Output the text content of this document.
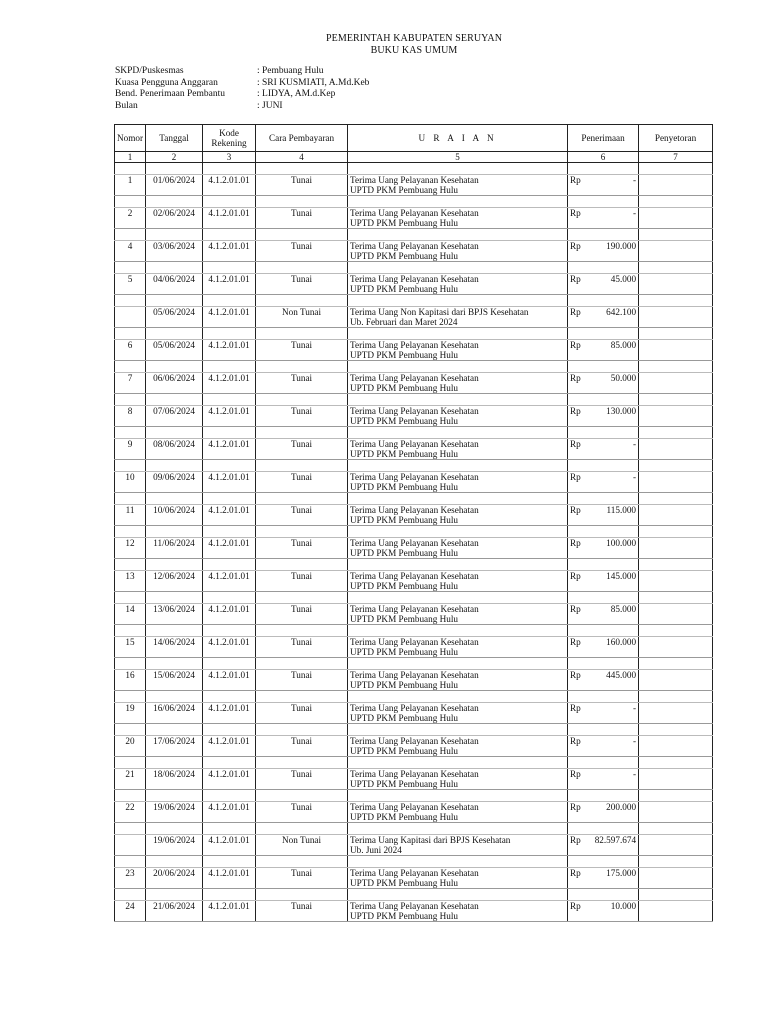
PEMERINTAH KABUPATEN SERUYAN
BUKU KAS UMUM
SKPD/Puskesmas	: Pembuang Hulu
Kuasa Pengguna Anggaran	: SRI KUSMIATI, A.Md.Keb
Bend. Penerimaan Pembantu	: LIDYA, AM.d.Kep
Bulan	: JUNI
Nomor	Tanggal	Kode Rekening	Cara Pembayaran	U R A I A N	Penerimaan	Penyetoran
1	2	3	4	5	6	7

1	01/06/2024	4.1.2.01.01	Tunai	Terima Uang Pelayanan Kesehatan	Rp -	

				UPTD PKM Pembuang Hulu		

2	02/06/2024	4.1.2.01.01	Tunai	Terima Uang Pelayanan Kesehatan	Rp -	

				UPTD PKM Pembuang Hulu		

4	03/06/2024	4.1.2.01.01	Tunai	Terima Uang Pelayanan Kesehatan	Rp 190.000	

				UPTD PKM Pembuang Hulu		

5	04/06/2024	4.1.2.01.01	Tunai	Terima Uang Pelayanan Kesehatan	Rp 45.000	

				UPTD PKM Pembuang Hulu		

	05/06/2024	4.1.2.01.01	Non Tunai	Terima Uang Non Kapitasi dari BPJS Kesehatan	Rp 642.100	

				Ub. Februari dan Maret 2024		

6	05/06/2024	4.1.2.01.01	Tunai	Terima Uang Pelayanan Kesehatan	Rp 85.000	

				UPTD PKM Pembuang Hulu		

7	06/06/2024	4.1.2.01.01	Tunai	Terima Uang Pelayanan Kesehatan	Rp 50.000	

				UPTD PKM Pembuang Hulu		

8	07/06/2024	4.1.2.01.01	Tunai	Terima Uang Pelayanan Kesehatan	Rp 130.000	

				UPTD PKM Pembuang Hulu		

9	08/06/2024	4.1.2.01.01	Tunai	Terima Uang Pelayanan Kesehatan	Rp -	

				UPTD PKM Pembuang Hulu		

10	09/06/2024	4.1.2.01.01	Tunai	Terima Uang Pelayanan Kesehatan	Rp -	

				UPTD PKM Pembuang Hulu		

11	10/06/2024	4.1.2.01.01	Tunai	Terima Uang Pelayanan Kesehatan	Rp 115.000	

				UPTD PKM Pembuang Hulu		

12	11/06/2024	4.1.2.01.01	Tunai	Terima Uang Pelayanan Kesehatan	Rp 100.000	

				UPTD PKM Pembuang Hulu		

13	12/06/2024	4.1.2.01.01	Tunai	Terima Uang Pelayanan Kesehatan	Rp 145.000	

				UPTD PKM Pembuang Hulu		

14	13/06/2024	4.1.2.01.01	Tunai	Terima Uang Pelayanan Kesehatan	Rp 85.000	

				UPTD PKM Pembuang Hulu		

15	14/06/2024	4.1.2.01.01	Tunai	Terima Uang Pelayanan Kesehatan	Rp 160.000	

				UPTD PKM Pembuang Hulu		

16	15/06/2024	4.1.2.01.01	Tunai	Terima Uang Pelayanan Kesehatan	Rp 445.000	

				UPTD PKM Pembuang Hulu		

19	16/06/2024	4.1.2.01.01	Tunai	Terima Uang Pelayanan Kesehatan	Rp -	

				UPTD PKM Pembuang Hulu		

20	17/06/2024	4.1.2.01.01	Tunai	Terima Uang Pelayanan Kesehatan	Rp -	

				UPTD PKM Pembuang Hulu		

21	18/06/2024	4.1.2.01.01	Tunai	Terima Uang Pelayanan Kesehatan	Rp -	

				UPTD PKM Pembuang Hulu		

22	19/06/2024	4.1.2.01.01	Tunai	Terima Uang Pelayanan Kesehatan	Rp 200.000	

				UPTD PKM Pembuang Hulu		

	19/06/2024	4.1.2.01.01	Non Tunai	Terima Uang Kapitasi dari BPJS Kesehatan	Rp 82.597.674	

				Ub. Juni 2024		

23	20/06/2024	4.1.2.01.01	Tunai	Terima Uang Pelayanan Kesehatan	Rp 175.000	

				UPTD PKM Pembuang Hulu		

24	21/06/2024	4.1.2.01.01	Tunai	Terima Uang Pelayanan Kesehatan	Rp 10.000	

				UPTD PKM Pembuang Hulu		
